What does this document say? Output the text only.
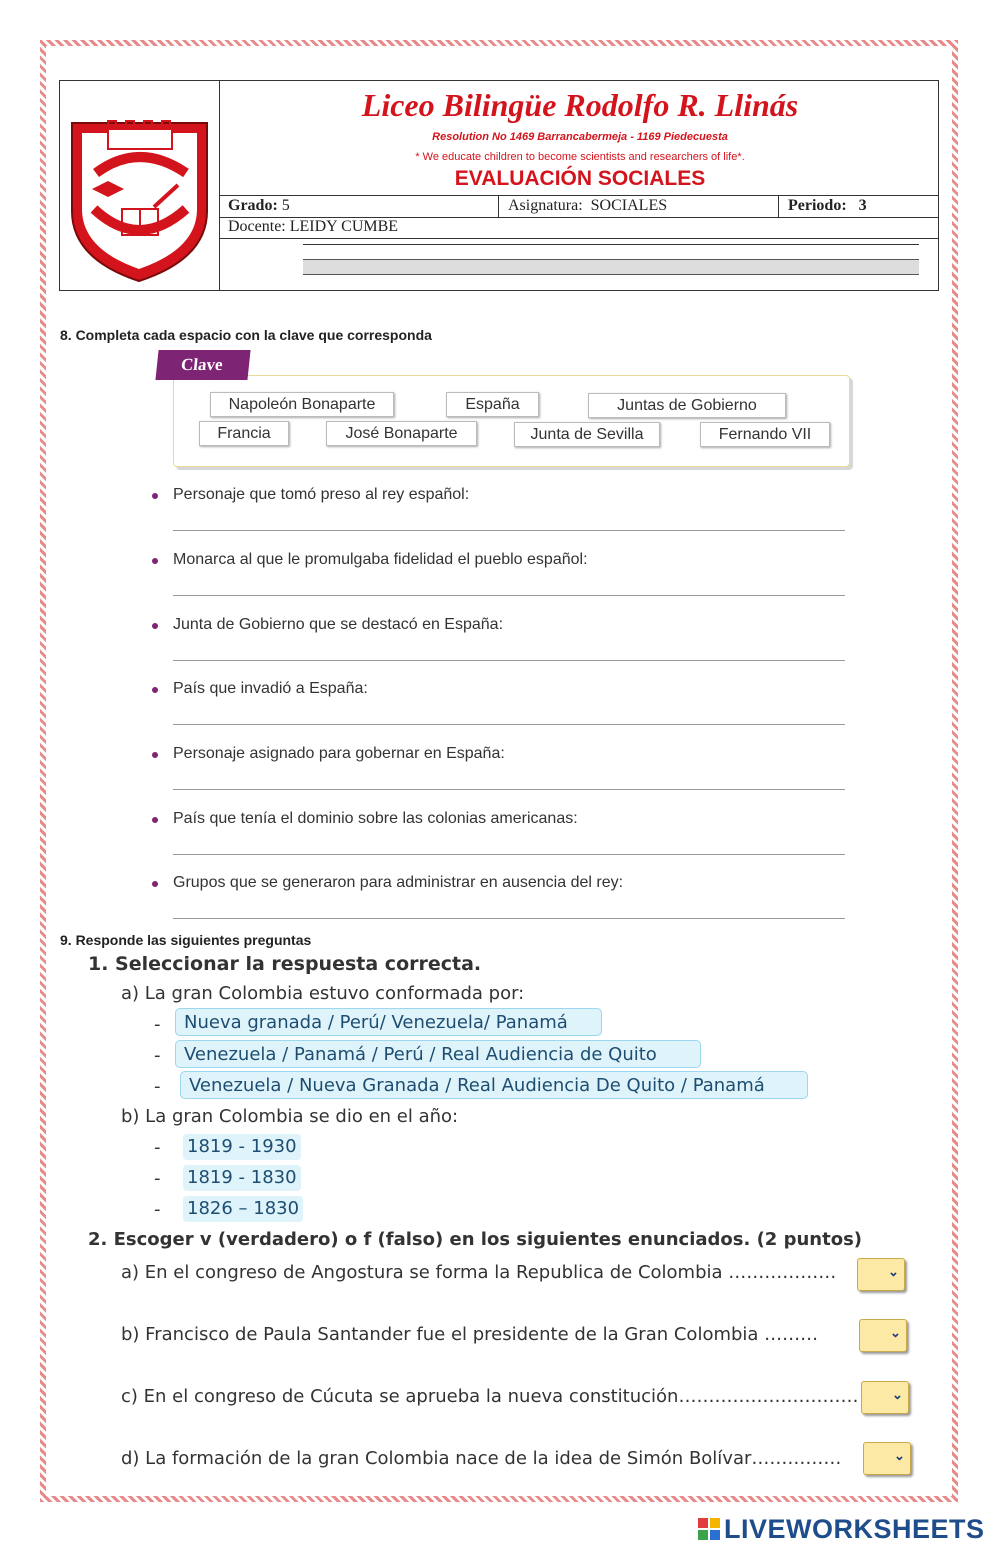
Liceo Bilingüe Rodolfo R. Llinás
Resolution No 1469 Barrancabermeja - 1169 Piedecuesta
* We educate children to become scientists and researchers of life*.
EVALUACIÓN SOCIALES
Grado: 5	Asignatura: SOCIALES	Periodo: 3
Docente: LEIDY CUMBE
8. Completa cada espacio con la clave que corresponda
Clave
Napoleón Bonaparte	España	Juntas de Gobierno
Francia	José Bonaparte	Junta de Sevilla	Fernando VII
Personaje que tomó preso al rey español:
Monarca al que le promulgaba fidelidad el pueblo español:
Junta de Gobierno que se destacó en España:
País que invadió a España:
Personaje asignado para gobernar en España:
País que tenía el dominio sobre las colonias americanas:
Grupos que se generaron para administrar en ausencia del rey:
9. Responde las siguientes preguntas
1. Seleccionar la respuesta correcta.
a) La gran Colombia estuvo conformada por:
-	Nueva granada / Perú/ Venezuela/ Panamá
-	Venezuela / Panamá / Perú / Real Audiencia de Quito
-	Venezuela / Nueva Granada / Real Audiencia De Quito / Panamá
b) La gran Colombia se dio en el año:
- 1819 - 1930
- 1819 - 1830
- 1826 – 1830
2. Escoger v (verdadero) o f (falso) en los siguientes enunciados. (2 puntos)
a) En el congreso de Angostura se forma la Republica de Colombia ………………	⌄
b) Francisco de Paula Santander fue el presidente de la Gran Colombia ………	⌄
c) En el congreso de Cúcuta se aprueba la nueva constitución…………………………	⌄
d) La formación de la gran Colombia nace de la idea de Simón Bolívar……………	⌄
LIVEWORKSHEETS
